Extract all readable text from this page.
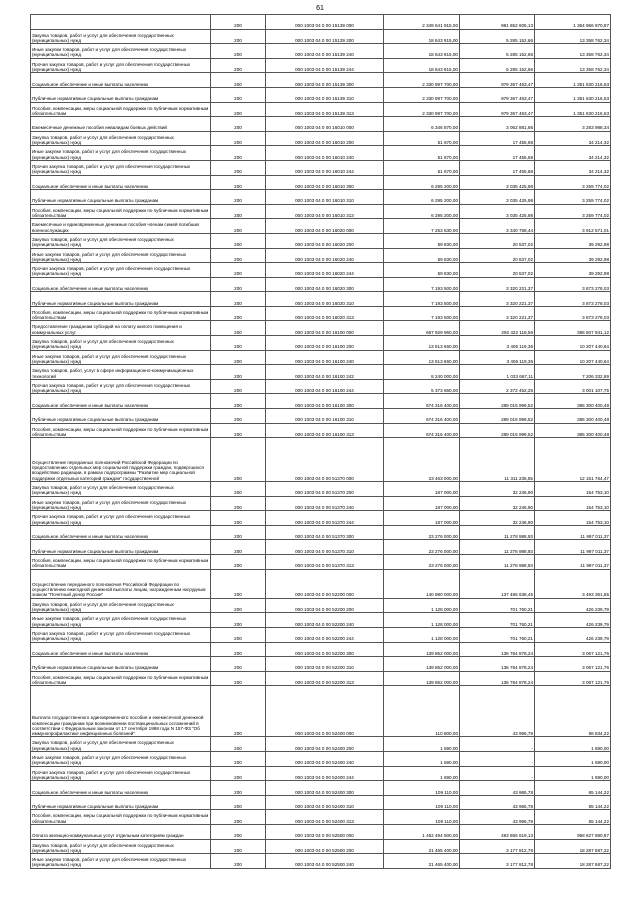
61
	200	000 1003 04 0 00 15139 000	2 349 641 915,00	981 652 605,13	1 364 966 970,87
Закупка товаров, работ и услуг для обеспечения государственных (муниципальных) нужд	200	000 1003 04 0 00 15139 200	18 643 915,00	5 285 152,66	13 358 762,34
Иные закупки товаров, работ и услуг для обеспечения государственных (муниципальных) нужд	200	000 1003 04 0 00 15139 240	18 643 915,00	5 285 152,66	13 358 762,34
Прочая закупка товаров, работ и услуг для обеспечения государственных (муниципальных) нужд	200	000 1003 04 0 00 15139 244	18 643 915,00	5 285 152,66	13 358 762,34
Социальное обеспечение и иные выплаты населению	200	000 1003 04 0 00 15139 300	2 330 997 700,00	979 367 463,47	1 351 630 216,53
Публичные нормативные социальные выплаты гражданам	200	000 1003 04 0 00 15139 310	2 330 997 700,00	979 367 463,47	1 351 630 216,53
Пособия, компенсации, меры социальной поддержки по публичным нормативным обязательствам	200	000 1003 04 0 00 15139 313	2 330 997 700,00	979 367 463,47	1 351 630 216,53
Ежемесячные денежные пособия инвалидам боевых действий	200	000 1003 04 0 00 16010 000	6 346 870,00	3 062 881,66	3 283 988,34
Закупка товаров, работ и услуг для обеспечения государственных (муниципальных) нужд	200	000 1003 04 0 00 16010 200	51 670,00	17 455,68	34 214,32
Иные закупки товаров, работ и услуг для обеспечения государственных (муниципальных) нужд	200	000 1003 04 0 00 16010 240	51 670,00	17 455,68	34 214,32
Прочая закупка товаров, работ и услуг для обеспечения государственных (муниципальных) нужд	200	000 1003 04 0 00 16010 244	51 670,00	17 455,68	34 214,32
Социальное обеспечение и иные выплаты населению	200	000 1003 04 0 00 16010 300	6 295 200,00	3 035 425,98	3 259 774,02
Публичные нормативные социальные выплаты гражданам	200	000 1003 04 0 00 16010 310	6 295 200,00	3 035 425,98	3 259 774,02
Пособия, компенсации, меры социальной поддержки по публичным нормативным обязательствам	200	000 1003 04 0 00 16010 313	6 295 200,00	3 035 425,98	3 259 774,02
Ежемесячные и единовременные денежные пособия членам семей погибших военнослужащих	200	000 1003 04 0 00 16020 000	7 253 530,00	3 340 758,44	3 912 571,01
Закупка товаров, работ и услуг для обеспечения государственных (муниципальных) нужд	200	000 1003 04 0 00 16020 200	59 830,00	20 537,02	39 292,98
Иные закупки товаров, работ и услуг для обеспечения государственных (муниципальных) нужд	200	000 1003 04 0 00 16020 240	59 830,00	20 537,02	39 292,98
Прочая закупка товаров, работ и услуг для обеспечения государственных (муниципальных) нужд	200	000 1003 04 0 00 16020 244	59 830,00	20 537,02	39 292,98
Социальное обеспечение и иные выплаты населению	200	000 1003 04 0 00 16020 300	7 193 500,00	3 320 221,37	3 873 278,03
Публичные нормативные социальные выплаты гражданам	200	000 1003 04 0 00 16020 310	7 193 500,00	3 320 221,37	3 873 278,03
Пособия, компенсации, меры социальной поддержки по публичным нормативным обязательствам	200	000 1003 04 0 00 16020 313	7 193 500,00	3 320 221,37	3 873 278,03
Предоставление гражданам субсидий на оплату жилого помещения и коммунальных услуг	200	000 1003 04 0 00 16100 000	667 929 960,00	292 422 118,56	395 507 841,12
Закупка товаров, работ и услуг для обеспечения государственных (муниципальных) нужд	200	000 1003 04 0 00 16100 200	13 613 660,00	3 406 119,36	10 207 440,64
Иные закупки товаров, работ и услуг для обеспечения государственных (муниципальных) нужд	200	000 1003 04 0 00 16100 240	13 613 660,00	3 406 119,36	10 207 440,64
Закупка товаров, работ, услуг в сфере информационно-коммуникационных технологий	200	000 1003 04 0 00 16100 242	8 240 000,00	1 033 667,11	7 206 332,89
Прочая закупка товаров, работ и услуг для обеспечения государственных (муниципальных) нужд	200	000 1003 04 0 00 16100 244	5 373 660,00	2 372 452,25	3 001 107,75
Социальное обеспечение и иные выплаты населению	200	000 1003 04 0 00 16100 300	674 316 400,00	289 015 999,52	385 300 400,48
Публичные нормативные социальные выплаты гражданам	200	000 1003 04 0 00 16100 310	674 316 400,00	289 015 999,52	385 300 400,48
Пособия, компенсации, меры социальной поддержки по публичным нормативным обязательствам	200	000 1003 04 0 00 16100 313	674 316 400,00	289 015 999,52	385 300 400,48
Осуществление переданных полномочий Российской Федерации по предоставлению отдельных мер социальной поддержки граждан, подвергшихся воздействию радиации, в рамках подпрограммы "Развитие мер социальной поддержки отдельных категорий граждан" государственной	200	000 1003 04 0 00 51370 000	23 463 000,00	11 311 235,55	12 151 764,47
Закупка товаров, работ и услуг для обеспечения государственных (муниципальных) нужд	200	000 1003 04 0 00 51370 200	187 000,00	32 246,90	154 753,10
Иные закупки товаров, работ и услуг для обеспечения государственных (муниципальных) нужд	200	000 1003 04 0 00 51370 240	187 000,00	32 246,90	154 753,10
Прочая закупка товаров, работ и услуг для обеспечения государственных (муниципальных) нужд	200	000 1003 04 0 00 51370 244	187 000,00	32 246,90	154 753,10
Социальное обеспечение и иные выплаты населению	200	000 1003 04 0 00 51370 300	23 276 000,00	11 278 988,93	11 997 011,37
Публичные нормативные социальные выплаты гражданам	200	000 1003 04 0 00 51370 310	23 276 000,00	11 278 988,93	11 997 011,37
Пособия, компенсации, меры социальной поддержки по публичным нормативным обязательствам	200	000 1003 04 0 00 51370 313	23 276 000,00	11 278 988,93	11 997 011,37
Осуществление переданного полномочия Российской Федерации по осуществлению ежегодной денежной выплаты лицам, награжденным нагрудным знаком "Почетный донор России"	200	000 1003 04 0 00 52200 000	140 980 000,00	137 486 638,45	3 493 361,55
Закупка товаров, работ и услуг для обеспечения государственных (муниципальных) нужд	200	000 1003 04 0 00 52200 200	1 128 000,00	701 760,21	426 239,79
Иные закупки товаров, работ и услуг для обеспечения государственных (муниципальных) нужд	200	000 1003 04 0 00 52200 240	1 128 000,00	701 760,21	426 239,79
Прочая закупка товаров, работ и услуг для обеспечения государственных (муниципальных) нужд	200	000 1003 04 0 00 52200 244	1 128 000,00	701 760,21	426 239,79
Социальное обеспечение и иные выплаты населению	200	000 1003 04 0 00 52200 300	139 852 000,00	136 784 878,24	3 067 121,76
Публичные нормативные социальные выплаты гражданам	200	000 1003 04 0 00 52200 310	139 852 000,00	136 784 878,24	3 067 121,76
Пособия, компенсации, меры социальной поддержки по публичным нормативным обязательствам	200	000 1003 04 0 00 52200 313	139 852 000,00	136 784 878,24	3 067 121,76
Выплата государственного единовременного пособия и ежемесячной денежной компенсации гражданам при возникновении поствакцинальных осложнений в соответствии с Федеральным законом от 17 сентября 1998 года N 157-ФЗ "Об иммунопрофилактике инфекционных болезней"	200	000 1003 04 0 00 52400 000	110 800,00	43 965,78	66 834,22
Закупка товаров, работ и услуг для обеспечения государственных (муниципальных) нужд	200	000 1003 04 0 00 52400 200	1 690,00	-	1 690,00
Иные закупки товаров, работ и услуг для обеспечения государственных (муниципальных) нужд	200	000 1003 04 0 00 52400 240	1 690,00	-	1 690,00
Прочая закупка товаров, работ и услуг для обеспечения государственных (муниципальных) нужд	200	000 1003 04 0 00 52400 244	1 690,00	-	1 690,00
Социальное обеспечение и иные выплаты населению	200	000 1003 04 0 00 52400 300	109 110,00	43 965,78	65 144,22
Публичные нормативные социальные выплаты гражданам	200	000 1003 04 0 00 52400 310	109 110,00	43 965,78	65 144,22
Пособия, компенсации, меры социальной поддержки по публичным нормативным обязательствам	200	000 1003 04 0 00 52400 313	109 110,00	43 965,78	65 144,22
Оплата жилищно-коммунальных услуг отдельным категориям граждан	200	000 1003 04 0 00 52500 000	1 452 494 500,00	493 866 619,13	958 627 880,87
Закупка товаров, работ и услуг для обеспечения государственных (муниципальных) нужд	200	000 1003 04 0 00 52500 200	21 465 400,00	3 177 812,78	18 287 587,22
Иные закупки товаров, работ и услуг для обеспечения государственных (муниципальных) нужд	200	000 1003 04 0 00 52500 240	21 465 400,00	3 177 812,78	18 287 587,22
